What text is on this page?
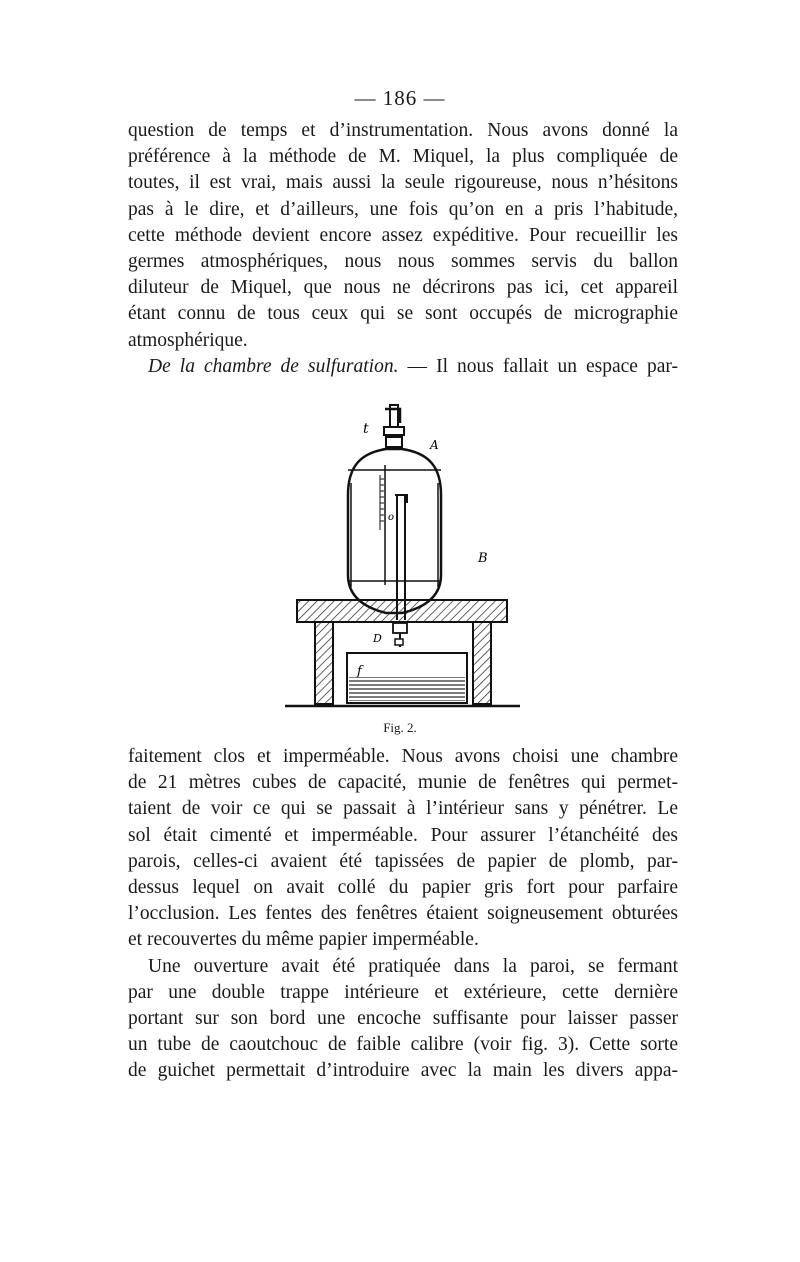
— 186 —
question de temps et d’instrumentation. Nous avons donné la
préférence à la méthode de M. Miquel, la plus compliquée de
toutes, il est vrai, mais aussi la seule rigoureuse, nous n’hésitons
pas à le dire, et d’ailleurs, une fois qu’on en a pris l’habitude,
cette méthode devient encore assez expéditive. Pour recueillir les
germes atmosphériques, nous nous sommes servis du ballon
diluteur de Miquel, que nous ne décrirons pas ici, cet appareil
étant connu de tous ceux qui se sont occupés de micrographie
atmosphérique.
De la chambre de sulfuration. — Il nous fallait un espace par-
t
A
B
D
f
o
Fig. 2.
faitement clos et imperméable. Nous avons choisi une chambre
de 21 mètres cubes de capacité, munie de fenêtres qui permet-
taient de voir ce qui se passait à l’intérieur sans y pénétrer. Le
sol était cimenté et imperméable. Pour assurer l’étanchéité des
parois, celles-ci avaient été tapissées de papier de plomb, par-
dessus lequel on avait collé du papier gris fort pour parfaire
l’occlusion. Les fentes des fenêtres étaient soigneusement obturées
et recouvertes du même papier imperméable.
Une ouverture avait été pratiquée dans la paroi, se fermant
par une double trappe intérieure et extérieure, cette dernière
portant sur son bord une encoche suffisante pour laisser passer
un tube de caoutchouc de faible calibre (voir fig. 3). Cette sorte
de guichet permettait d’introduire avec la main les divers appa-
